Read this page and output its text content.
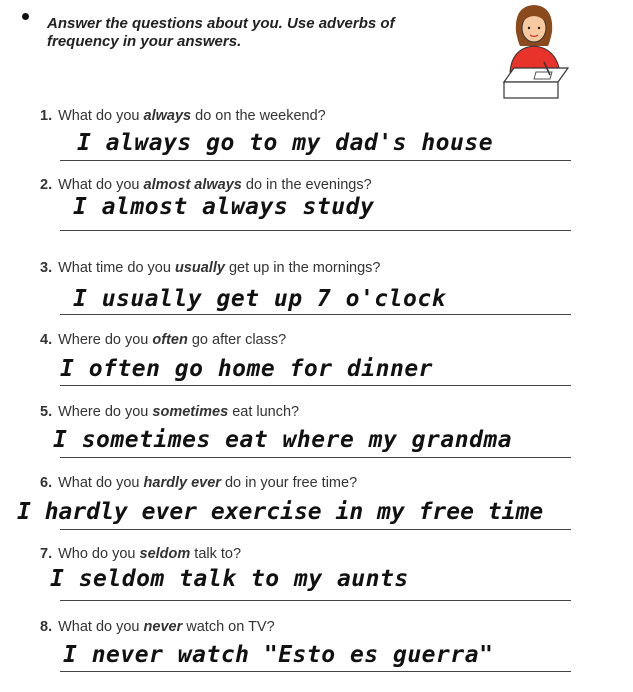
Answer the questions about you. Use adverbs of frequency in your answers.
1. What do you always do on the weekend?
I always go to my dad's house
2. What do you almost always do in the evenings?
I almost always study
3. What time do you usually get up in the mornings?
I usually get up 7 o'clock
4. Where do you often go after class?
I often go home for dinner
5. Where do you sometimes eat lunch?
I sometimes eat where my grandma
6. What do you hardly ever do in your free time?
I hardly ever exercise in my free time
7. Who do you seldom talk to?
I seldom talk to my aunts
8. What do you never watch on TV?
I never watch "Esto es guerra"
